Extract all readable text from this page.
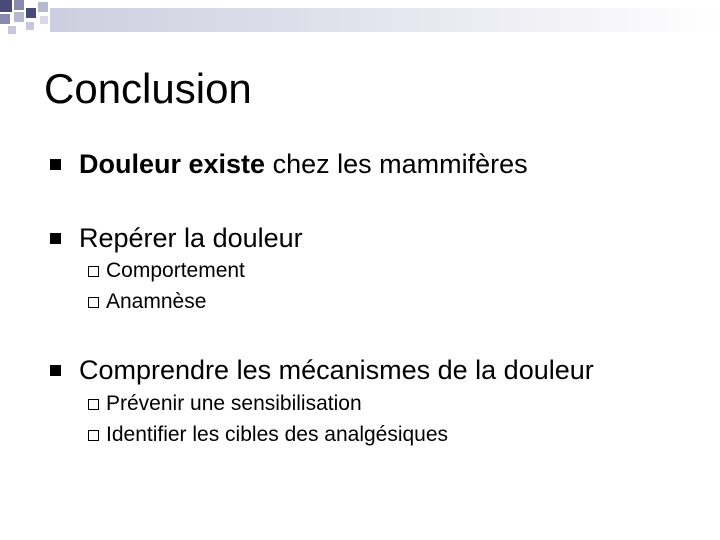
Conclusion
Douleur existe chez les mammifères
Repérer la douleur
Comportement
Anamnèse
Comprendre les mécanismes de la douleur
Prévenir une sensibilisation
Identifier les cibles des analgésiques
